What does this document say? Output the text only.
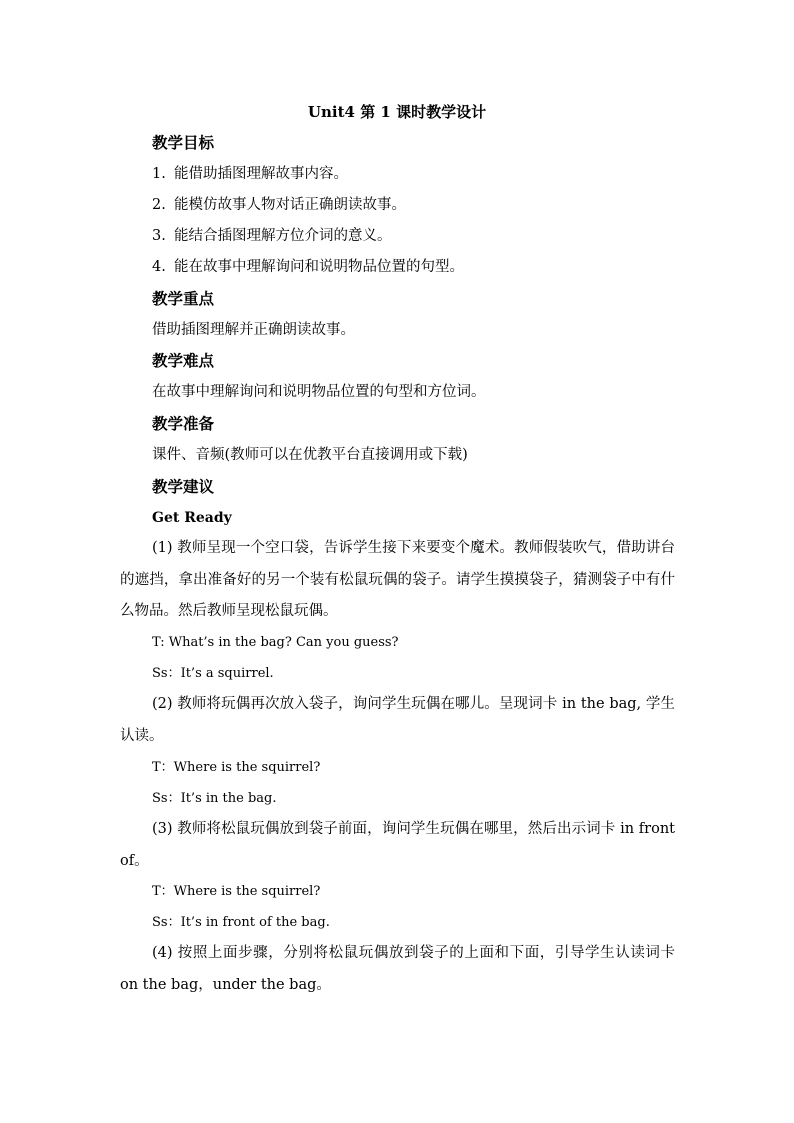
Unit4 第 1 课时教学设计
教学目标
1. 能借助插图理解故事内容。
2. 能模仿故事人物对话正确朗读故事。
3. 能结合插图理解方位介词的意义。
4. 能在故事中理解询问和说明物品位置的句型。
教学重点
借助插图理解并正确朗读故事。
教学难点
在故事中理解询问和说明物品位置的句型和方位词。
教学准备
课件、音频(教师可以在优教平台直接调用或下载)
教学建议
Get Ready
(1) 教师呈现一个空口袋，告诉学生接下来要变个魔术。教师假装吹气，借助讲台的遮挡，拿出准备好的另一个装有松鼠玩偶的袋子。请学生摸摸袋子，猜测袋子中有什么物品。然后教师呈现松鼠玩偶。
T: What’s in the bag? Can you guess?
Ss：It’s a squirrel.
(2) 教师将玩偶再次放入袋子，询问学生玩偶在哪儿。呈现词卡 in the bag, 学生认读。
T：Where is the squirrel?
Ss：It’s in the bag.
(3) 教师将松鼠玩偶放到袋子前面，询问学生玩偶在哪里，然后出示词卡 in front of。
T：Where is the squirrel?
Ss：It’s in front of the bag.
(4) 按照上面步骤，分别将松鼠玩偶放到袋子的上面和下面，引导学生认读词卡 on the bag，under the bag。
